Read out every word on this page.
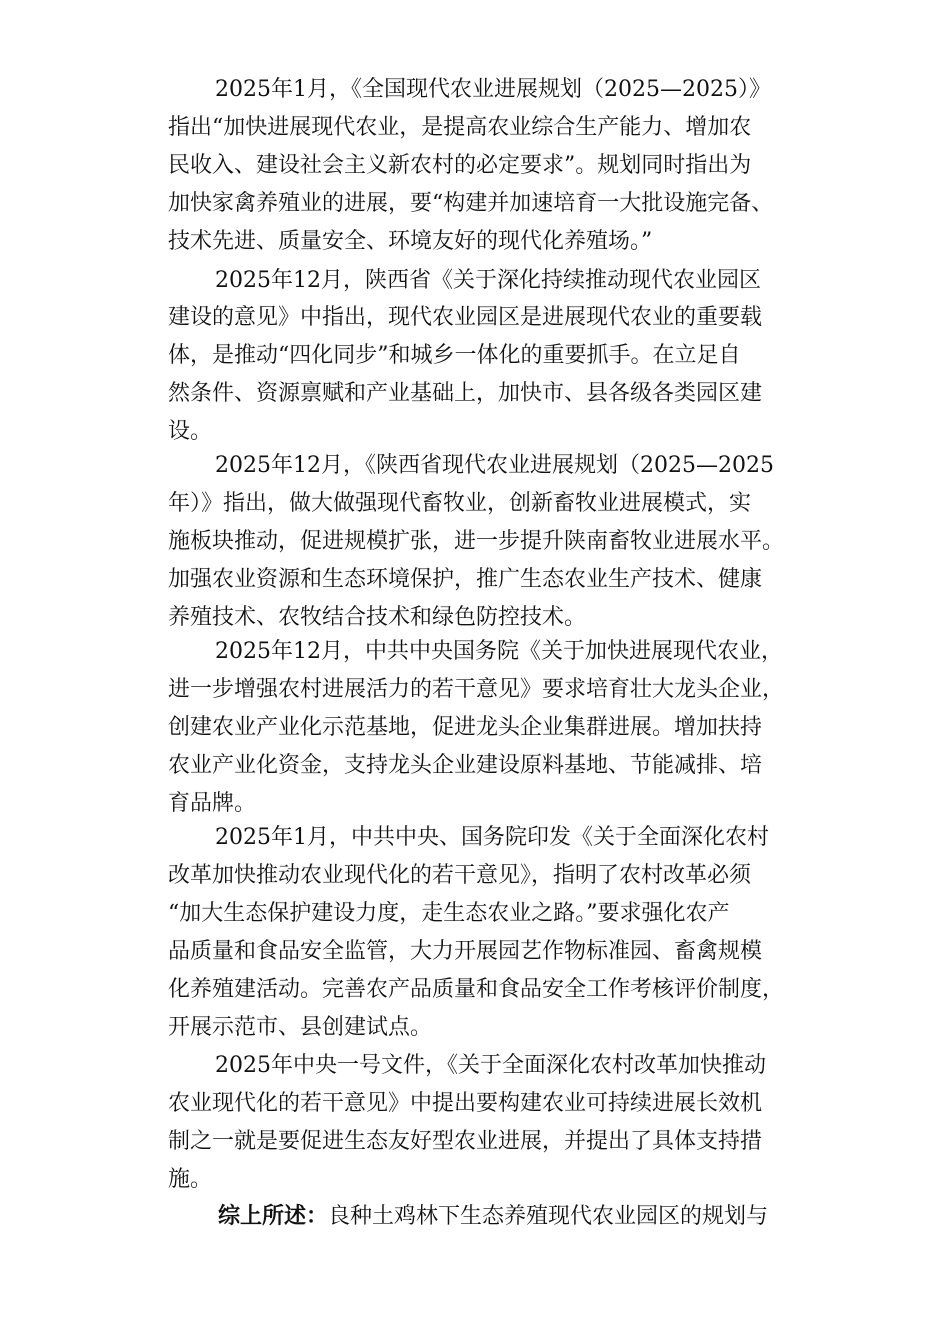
2025年1月，《全国现代农业进展规划（2025—2025）》
指出“加快进展现代农业，是提高农业综合生产能力、增加农
民收入、建设社会主义新农村的必定要求”。规划同时指出为
加快家禽养殖业的进展，要“构建并加速培育一大批设施完备、
技术先进、质量安全、环境友好的现代化养殖场。”
2025年12月，陕西省《关于深化持续推动现代农业园区
建设的意见》中指出，现代农业园区是进展现代农业的重要载
体，是推动“四化同步”和城乡一体化的重要抓手。在立足自
然条件、资源禀赋和产业基础上，加快市、县各级各类园区建
设。
2025年12月，《陕西省现代农业进展规划（2025—2025
年）》指出，做大做强现代畜牧业，创新畜牧业进展模式，实
施板块推动，促进规模扩张，进一步提升陕南畜牧业进展水平。
加强农业资源和生态环境保护，推广生态农业生产技术、健康
养殖技术、农牧结合技术和绿色防控技术。
2025年12月，中共中央国务院《关于加快进展现代农业，
进一步增强农村进展活力的若干意见》要求培育壮大龙头企业，
创建农业产业化示范基地，促进龙头企业集群进展。增加扶持
农业产业化资金，支持龙头企业建设原料基地、节能减排、培
育品牌。
2025年1月，中共中央、国务院印发《关于全面深化农村
改革加快推动农业现代化的若干意见》，指明了农村改革必须
“加大生态保护建设力度，走生态农业之路。”要求强化农产
品质量和食品安全监管，大力开展园艺作物标准园、畜禽规模
化养殖建活动。完善农产品质量和食品安全工作考核评价制度，
开展示范市、县创建试点。
2025年中央一号文件，《关于全面深化农村改革加快推动
农业现代化的若干意见》中提出要构建农业可持续进展长效机
制之一就是要促进生态友好型农业进展，并提出了具体支持措
施。
综上所述：良种土鸡林下生态养殖现代农业园区的规划与
